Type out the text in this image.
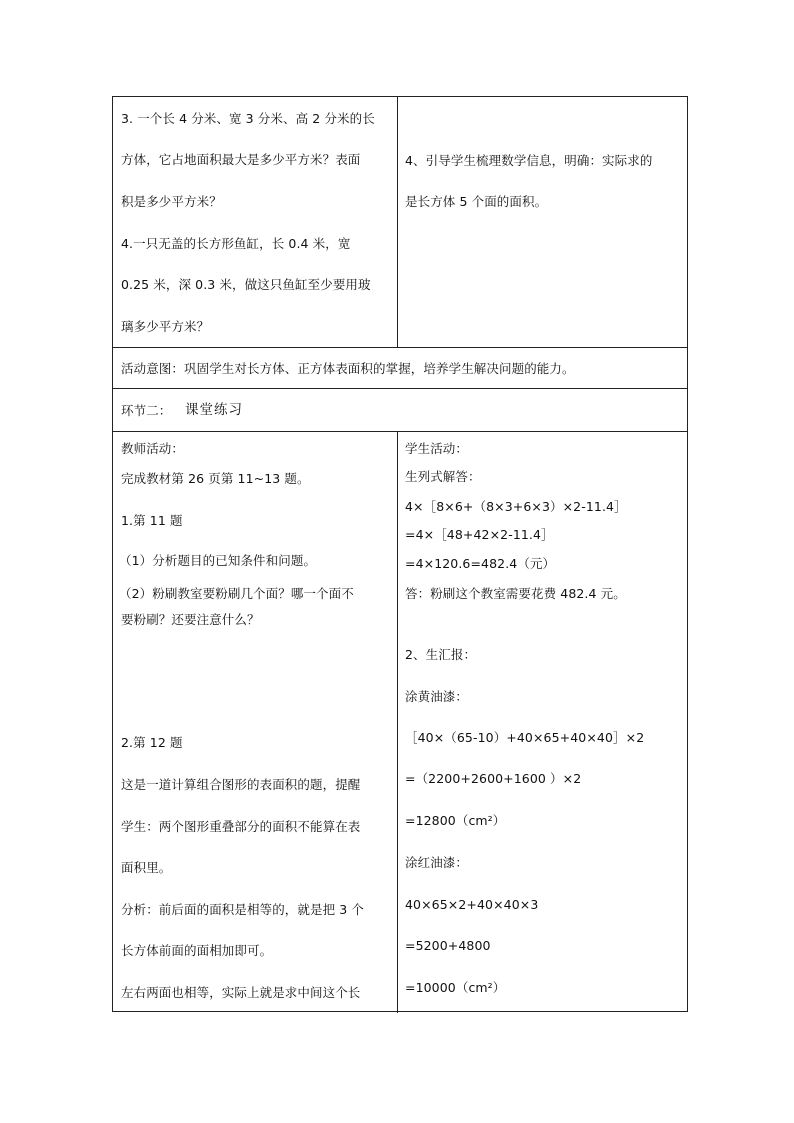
3. 一个长 4 分米、宽 3 分米、高 2 分米的长
方体，它占地面积最大是多少平方米？表面
积是多少平方米？
4.一只无盖的长方形鱼缸，长 0.4 米，宽
0.25 米，深 0.3 米，做这只鱼缸至少要用玻
璃多少平方米？
4、引导学生梳理数学信息，明确：实际求的
是长方体 5 个面的面积。
活动意图：巩固学生对长方体、正方体表面积的掌握，培养学生解决问题的能力。
环节二： 课堂练习
教师活动：
完成教材第 26 页第 11~13 题。
1.第 11 题
（1）分析题目的已知条件和问题。
（2）粉刷教室要粉刷几个面？哪一个面不
要粉刷？还要注意什么？
2.第 12 题
这是一道计算组合图形的表面积的题，提醒
学生：两个图形重叠部分的面积不能算在表
面积里。
分析：前后面的面积是相等的，就是把 3 个
长方体前面的面相加即可。
左右两面也相等，实际上就是求中间这个长
学生活动：
生列式解答：
4×［8×6+（8×3+6×3）×2-11.4］
=4×［48+42×2-11.4］
=4×120.6=482.4（元）
答：粉刷这个教室需要花费 482.4 元。
2、生汇报：
涂黄油漆：
［40×（65-10）+40×65+40×40］×2
=（2200+2600+1600 ）×2
=12800（cm²）
涂红油漆：
40×65×2+40×40×3
=5200+4800
=10000（cm²）
